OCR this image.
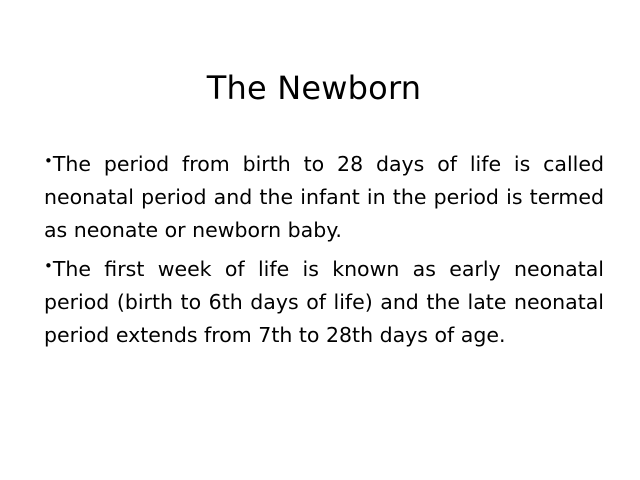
The Newborn

•The period from birth to 28 days of life is called neonatal period and the infant in the period is termed as neonate or newborn baby.

•The first week of life is known as early neonatal period (birth to 6th days of life) and the late neonatal period extends from 7th to 28th days of age.
